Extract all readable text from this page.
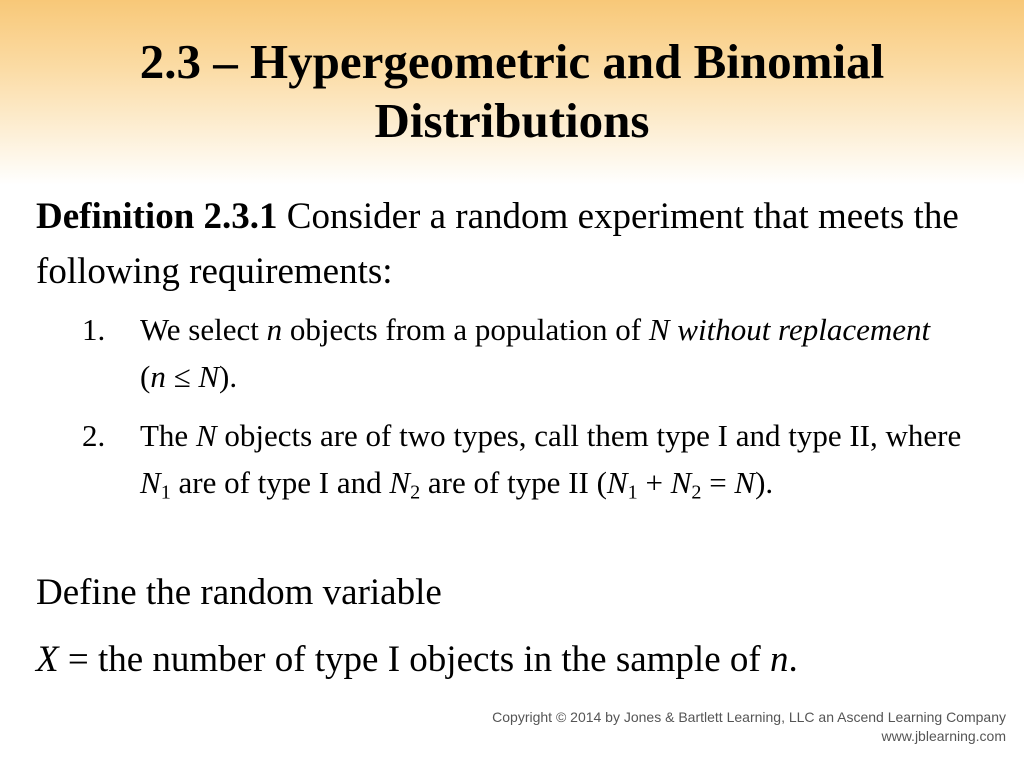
2.3 – Hypergeometric and Binomial Distributions
Definition 2.3.1 Consider a random experiment that meets the following requirements:
1. We select n objects from a population of N without replacement (n ≤ N).
2. The N objects are of two types, call them type I and type II, where $N_1$ are of type I and $N_2$ are of type II $(N_1 + N_2 = N)$.
Define the random variable
X = the number of type I objects in the sample of n.
Copyright © 2014 by Jones & Bartlett Learning, LLC an Ascend Learning Company
www.jblearning.com
